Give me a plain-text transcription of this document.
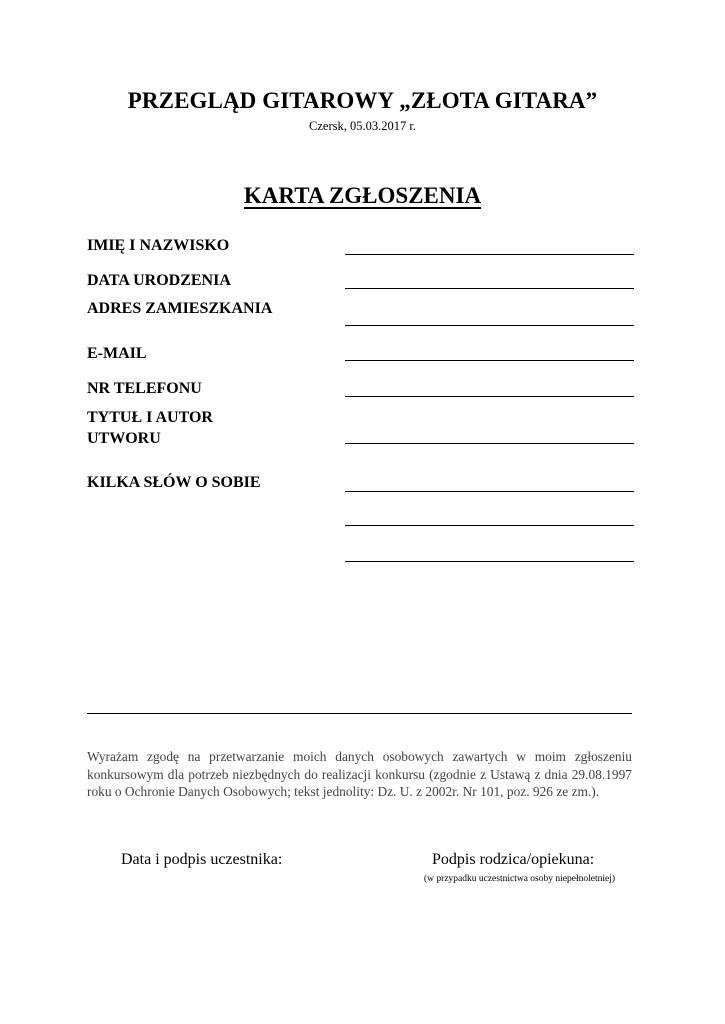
PRZEGLĄD GITAROWY „ZŁOTA GITARA”
Czersk, 05.03.2017 r.
KARTA ZGŁOSZENIA
IMIĘ I NAZWISKO
DATA URODZENIA
ADRES ZAMIESZKANIA
E-MAIL
NR TELEFONU
TYTUŁ I AUTOR
UTWORU
KILKA SŁÓW O SOBIE
Wyrażam zgodę na przetwarzanie moich danych osobowych zawartych w moim zgłoszeniu konkursowym dla potrzeb niezbędnych do realizacji konkursu (zgodnie z Ustawą z dnia 29.08.1997 roku o Ochronie Danych Osobowych; tekst jednolity: Dz. U. z 2002r. Nr 101, poz. 926 ze zm.).
Data i podpis uczestnika:	Podpis rodzica/opiekuna:
(w przypadku uczestnictwa osoby niepełnoletniej)
